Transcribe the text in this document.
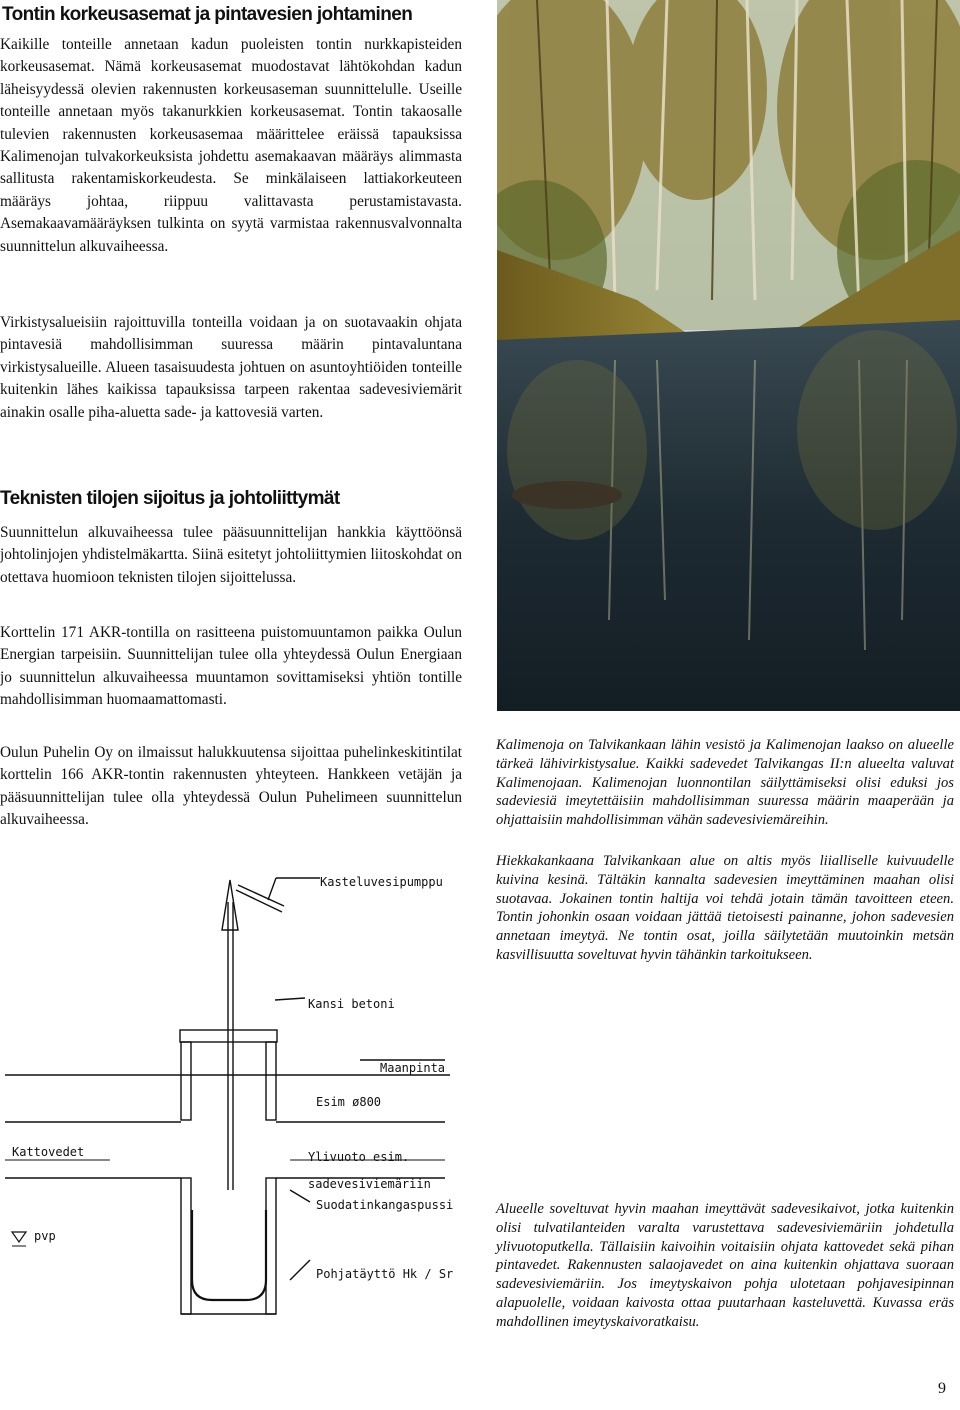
Tontin korkeusasemat ja pintavesien johtaminen

Kaikille tonteille annetaan kadun puoleisten tontin nurkkapisteiden korkeusasemat. Nämä korkeusasemat muodostavat lähtökohdan kadun läheisyydessä olevien rakennusten korkeusaseman suunnittelulle. Useille tonteille annetaan myös takanurkkien korkeusasemat. Tontin takaosalle tulevien rakennusten korkeusasemaa määrittelee eräissä tapauksissa Kalimenojan tulvakorkeuksista johdettu asemakaavan määräys alimmasta sallitusta rakentamiskorkeudesta. Se minkälaiseen lattiakorkeuteen määräys johtaa, riippuu valittavasta perustamistavasta. Asemakaavamääräyksen tulkinta on syytä varmistaa rakennusvalvonnalta suunnittelun alkuvaiheessa.

Virkistysalueisiin rajoittuvilla tonteilla voidaan ja on suotavaakin ohjata pintavesiä mahdollisimman suuressa määrin pintavaluntana virkistysalueille. Alueen tasaisuudesta johtuen on asuntoyhtiöiden tonteille kuitenkin lähes kaikissa tapauksissa tarpeen rakentaa sadevesiviemärit ainakin osalle piha-aluetta sade- ja kattovesiä varten.

Teknisten tilojen sijoitus ja johtoliittymät

Suunnittelun alkuvaiheessa tulee pääsuunnittelijan hankkia käyttöönsä johtolinjojen yhdistelmäkartta. Siinä esitetyt johtoliittymien liitoskohdat on otettava huomioon teknisten tilojen sijoittelussa.

Korttelin 171 AKR-tontilla on rasitteena puistomuuntamon paikka Oulun Energian tarpeisiin. Suunnittelijan tulee olla yhteydessä Oulun Energiaan jo suunnittelun alkuvaiheessa muuntamon sovittamiseksi yhtiön tontille mahdollisimman huomaamattomasti.

Oulun Puhelin Oy on ilmaissut halukkuutensa sijoittaa puhelinkeskitintilat korttelin 166 AKR-tontin rakennusten yhteyteen. Hankkeen vetäjän ja pääsuunnittelijan tulee olla yhteydessä Oulun Puhelimeen suunnittelun alkuvaiheessa.

Kalimenoja on Talvikankaan lähin vesistö ja Kalimenojan laakso on alueelle tärkeä lähivirkistysalue. Kaikki sadevedet Talvikangas II:n alueelta valuvat Kalimenojaan. Kalimenojan luonnontilan säilyttämiseksi olisi eduksi jos sadeviesiä imeytettäisiin mahdollisimman suuressa määrin maaperään ja ohjattaisiin mahdollisimman vähän sadevesiviemäreihin.

Hiekkakankaana Talvikankaan alue on altis myös liialliselle kuivuudelle kuivina kesinä. Tältäkin kannalta sadevesien imeyttäminen maahan olisi suotavaa. Jokainen tontin haltija voi tehdä jotain tämän tavoitteen eteen. Tontin johonkin osaan voidaan jättää tietoisesti painanne, johon sadevesien annetaan imeytyä. Ne tontin osat, joilla säilytetään muutoinkin metsän kasvillisuutta soveltuvat hyvin tähänkin tarkoitukseen.

Alueelle soveltuvat hyvin maahan imeyttävät sadevesikaivot, jotka kuitenkin olisi tulvatilanteiden varalta varustettava sadevesiviemäriin johdetulla ylivuotoputkella. Tällaisiin kaivoihin voitaisiin ohjata kattovedet sekä pihan pintavedet. Rakennusten salaojavedet on aina kuitenkin ohjattava suoraan sadevesiviemäriin. Jos imeytyskaivon pohja ulotetaan pohjavesipinnan alapuolelle, voidaan kaivosta ottaa puutarhaan kasteluvettä. Kuvassa eräs mahdollinen imeytyskaivoratkaisu.

Kasteluvesipumppu
Kansi betoni
Maanpinta
Esim ø800
Kattovedet	Ylivuoto esim.
sadevesiviemäriin
Suodatinkangaspussi
pvp
Pohjatäyttö Hk / Sr
9
